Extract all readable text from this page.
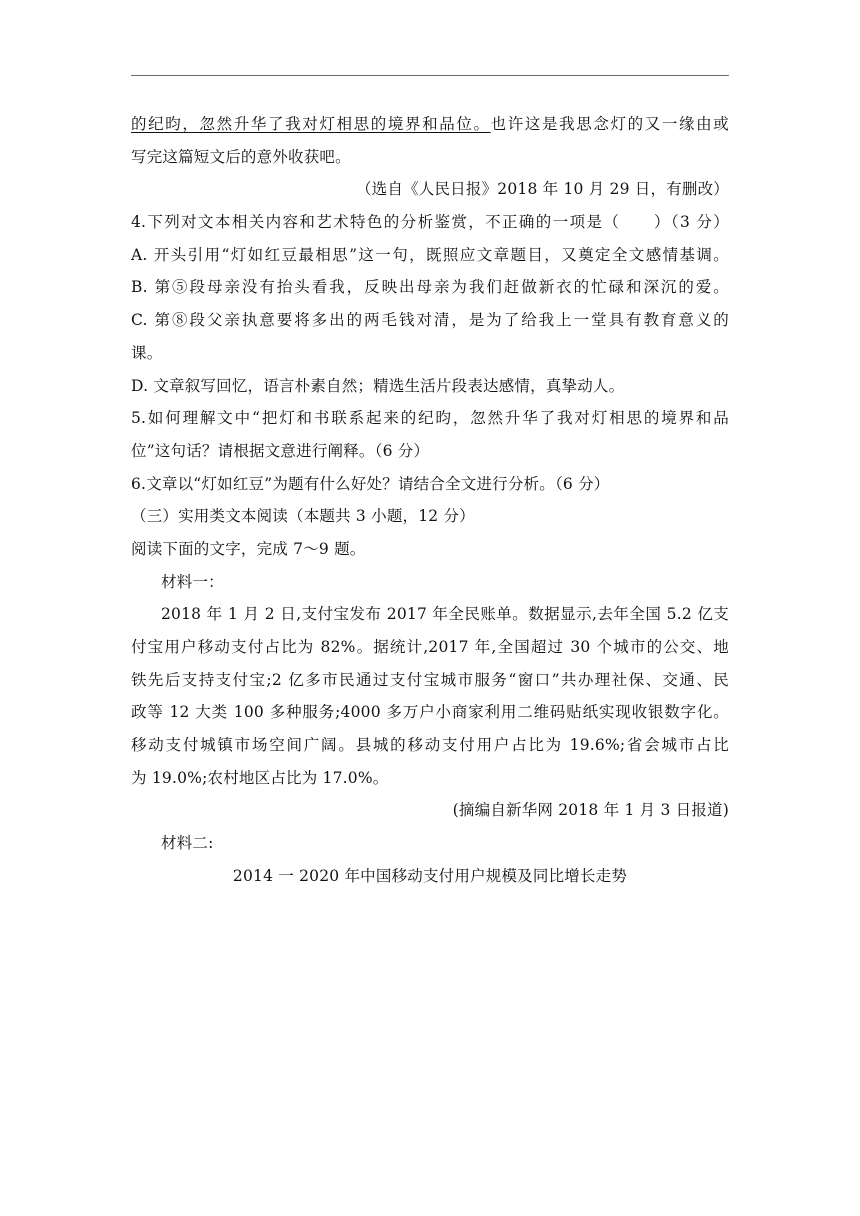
的纪昀，忽然升华了我对灯相思的境界和品位。也许这是我思念灯的又一缘由或
写完这篇短文后的意外收获吧。
（选自《人民日报》2018 年 10 月 29 日，有删改）
4.下列对文本相关内容和艺术特色的分析鉴赏，不正确的一项是（　　）（3 分）
A. 开头引用“灯如红豆最相思”这一句，既照应文章题目，又奠定全文感情基调。
B. 第⑤段母亲没有抬头看我，反映出母亲为我们赶做新衣的忙碌和深沉的爱。
C. 第⑧段父亲执意要将多出的两毛钱对清，是为了给我上一堂具有教育意义的
课。
D. 文章叙写回忆，语言朴素自然；精选生活片段表达感情，真挚动人。
5.如何理解文中“把灯和书联系起来的纪昀，忽然升华了我对灯相思的境界和品
位”这句话？请根据文意进行阐释。（6 分）
6.文章以“灯如红豆”为题有什么好处？请结合全文进行分析。（6 分）
（三）实用类文本阅读（本题共 3 小题，12 分）
阅读下面的文字，完成 7～9 题。
材料一：
2018 年 1 月 2 日,支付宝发布 2017 年全民账单。数据显示,去年全国 5.2 亿支
付宝用户移动支付占比为 82%。据统计,2017 年,全国超过 30 个城市的公交、地
铁先后支持支付宝;2 亿多市民通过支付宝城市服务“窗口”共办理社保、交通、民
政等 12 大类 100 多种服务;4000 多万户小商家利用二维码贴纸实现收银数字化。
移动支付城镇市场空间广阔。县城的移动支付用户占比为 19.6%;省会城市占比
为 19.0%;农村地区占比为 17.0%。
(摘编自新华网 2018 年 1 月 3 日报道)
材料二:
2014 一 2020 年中国移动支付用户规模及同比增长走势
